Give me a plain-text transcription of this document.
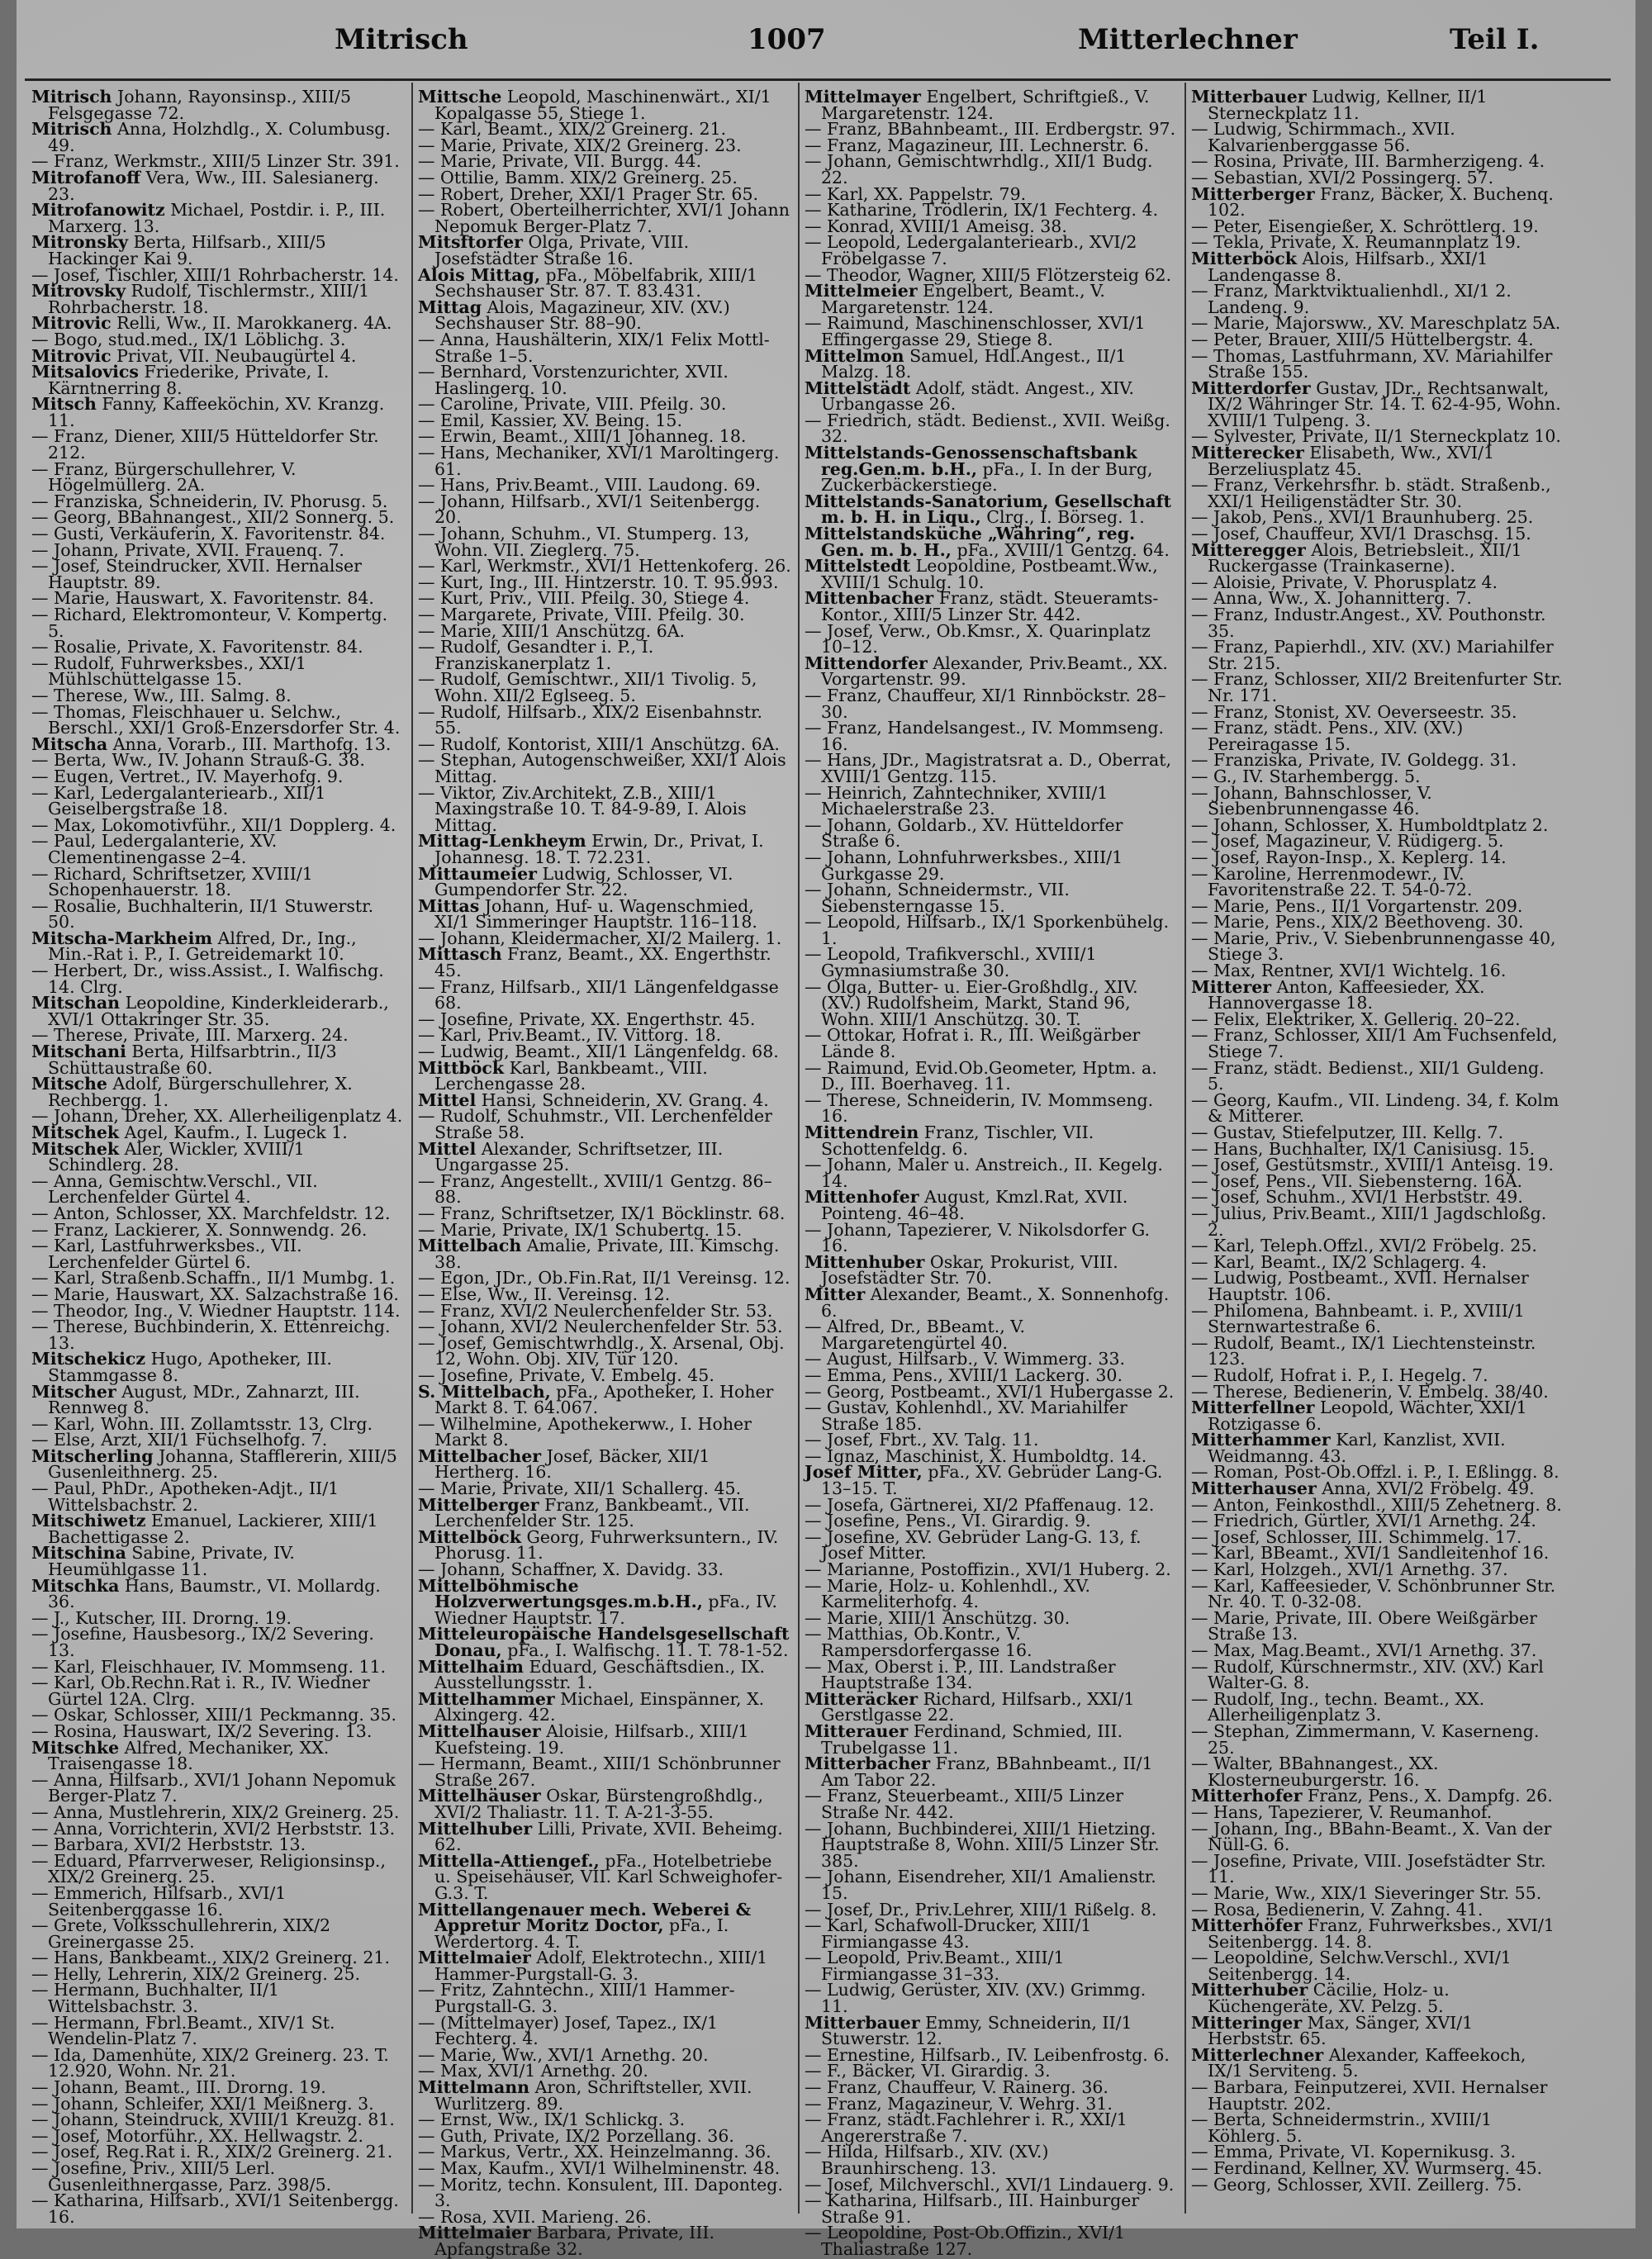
Mitrisch	1007	Mitterlechner	Teil I.
Mitrisch Johann, Rayonsinsp., XIII/5 Felsgegasse 72.
Mitrisch Anna, Holzhdlg., X. Columbusg. 49.
— Franz, Werkmstr., XIII/5 Linzer Str. 391.
Mitrofanoff Vera, Ww., III. Salesianerg. 23.
Mitrofanowitz Michael, Postdir. i. P., III. Marxerg. 13.
Mitronsky Berta, Hilfsarb., XIII/5 Hackinger Kai 9.
— Josef, Tischler, XIII/1 Rohrbacherstr. 14.
Mitrovsky Rudolf, Tischlermstr., XIII/1 Rohrbacherstr. 18.
Mitrovic Relli, Ww., II. Marokkanerg. 4A.
— Bogo, stud.med., IX/1 Löblichg. 3.
Mitrovic Privat, VII. Neubaugürtel 4.
Mitsalovics Friederike, Private, I. Kärntnerring 8.
Mitsch Fanny, Kaffeeköchin, XV. Kranzg. 11.
— Franz, Diener, XIII/5 Hütteldorfer Str. 212.
— Franz, Bürgerschullehrer, V. Högelmüllerg. 2A.
— Franziska, Schneiderin, IV. Phorusg. 5.
— Georg, BBahnangest., XII/2 Sonnerg. 5.
— Gusti, Verkäuferin, X. Favoritenstr. 84.
— Johann, Private, XVII. Frauenq. 7.
— Josef, Steindrucker, XVII. Hernalser Hauptstr. 89.
— Marie, Hauswart, X. Favoritenstr. 84.
— Richard, Elektromonteur, V. Kompertg. 5.
— Rosalie, Private, X. Favoritenstr. 84.
— Rudolf, Fuhrwerksbes., XXI/1 Mühlschüttelgasse 15.
— Therese, Ww., III. Salmg. 8.
— Thomas, Fleischhauer u. Selchw., Berschl., XXI/1 Groß-Enzersdorfer Str. 4.
Mitscha Anna, Vorarb., III. Marthofg. 13.
— Berta, Ww., IV. Johann Strauß-G. 38.
— Eugen, Vertret., IV. Mayerhofg. 9.
— Karl, Ledergalanteriearb., XII/1 Geiselbergstraße 18.
— Max, Lokomotivführ., XII/1 Dopplerg. 4.
— Paul, Ledergalanterie, XV. Clementinengasse 2–4.
— Richard, Schriftsetzer, XVIII/1 Schopenhauerstr. 18.
— Rosalie, Buchhalterin, II/1 Stuwerstr. 50.
Mitscha-Markheim Alfred, Dr., Ing., Min.-Rat i. P., I. Getreidemarkt 10.
— Herbert, Dr., wiss.Assist., I. Walfischg. 14. Clrg.
Mitschan Leopoldine, Kinderkleiderarb., XVI/1 Ottakringer Str. 35.
— Therese, Private, III. Marxerg. 24.
Mitschani Berta, Hilfsarbtrin., II/3 Schüttaustraße 60.
Mitsche Adolf, Bürgerschullehrer, X. Rechbergg. 1.
— Johann, Dreher, XX. Allerheiligenplatz 4.
Mitschek Agel, Kaufm., I. Lugeck 1.
Mitschek Aler, Wickler, XVIII/1 Schindlerg. 28.
— Anna, Gemischtw.Verschl., VII. Lerchenfelder Gürtel 4.
— Anton, Schlosser, XX. Marchfeldstr. 12.
— Franz, Lackierer, X. Sonnwendg. 26.
— Karl, Lastfuhrwerksbes., VII. Lerchenfelder Gürtel 6.
— Karl, Straßenb.Schaffn., II/1 Mumbg. 1.
— Marie, Hauswart, XX. Salzachstraße 16.
— Theodor, Ing., V. Wiedner Hauptstr. 114.
— Therese, Buchbinderin, X. Ettenreichg. 13.
Mitschekicz Hugo, Apotheker, III. Stammgasse 8.
Mitscher August, MDr., Zahnarzt, III. Rennweg 8.
— Karl, Wohn. III. Zollamtsstr. 13, Clrg.
— Else, Arzt, XII/1 Füchselhofg. 7.
Mitscherling Johanna, Stafflererin, XIII/5 Gusenleithnerg. 25.
— Paul, PhDr., Apotheken-Adjt., II/1 Wittelsbachstr. 2.
Mitschiwetz Emanuel, Lackierer, XIII/1 Bachettigasse 2.
Mitschina Sabine, Private, IV. Heumühlgasse 11.
Mitschka Hans, Baumstr., VI. Mollardg. 36.
— J., Kutscher, III. Drorng. 19.
— Josefine, Hausbesorg., IX/2 Severing. 13.
— Karl, Fleischhauer, IV. Mommseng. 11.
— Karl, Ob.Rechn.Rat i. R., IV. Wiedner Gürtel 12A. Clrg.
— Oskar, Schlosser, XIII/1 Peckmanng. 35.
— Rosina, Hauswart, IX/2 Severing. 13.
Mitschke Alfred, Mechaniker, XX. Traisengasse 18.
— Anna, Hilfsarb., XVI/1 Johann Nepomuk Berger-Platz 7.
— Anna, Mustlehrerin, XIX/2 Greinerg. 25.
— Anna, Vorrichterin, XVI/2 Herbststr. 13.
— Barbara, XVI/2 Herbststr. 13.
— Eduard, Pfarrverweser, Religionsinsp., XIX/2 Greinerg. 25.
— Emmerich, Hilfsarb., XVI/1 Seitenberggasse 16.
— Grete, Volksschullehrerin, XIX/2 Greinergasse 25.
— Hans, Bankbeamt., XIX/2 Greinerg. 21.
— Helly, Lehrerin, XIX/2 Greinerg. 25.
— Hermann, Buchhalter, II/1 Wittelsbachstr. 3.
— Hermann, Fbrl.Beamt., XIV/1 St. Wendelin-Platz 7.
— Ida, Damenhüte, XIX/2 Greinerg. 23. T. 12.920, Wohn. Nr. 21.
— Johann, Beamt., III. Drorng. 19.
— Johann, Schleifer, XXI/1 Meißnerg. 3.
— Johann, Steindruck, XVIII/1 Kreuzg. 81.
— Josef, Motorführ., XX. Hellwagstr. 2.
— Josef, Reg.Rat i. R., XIX/2 Greinerg. 21.
— Josefine, Priv., XIII/5 Lerl. Gusenleithnergasse, Parz. 398/5.
— Katharina, Hilfsarb., XVI/1 Seitenbergg. 16.
Mittsche Leopold, Maschinenwärt., XI/1 Kopalgasse 55, Stiege 1.
— Karl, Beamt., XIX/2 Greinerg. 21.
— Marie, Private, XIX/2 Greinerg. 23.
— Marie, Private, VII. Burgg. 44.
— Ottilie, Bamm. XIX/2 Greinerg. 25.
— Robert, Dreher, XXI/1 Prager Str. 65.
— Robert, Oberteilherrichter, XVI/1 Johann Nepomuk Berger-Platz 7.
Mitsftorfer Olga, Private, VIII. Josefstädter Straße 16.
Alois Mittag, pFa., Möbelfabrik, XIII/1 Sechshauser Str. 87. T. 83.431.
Mittag Alois, Magazineur, XIV. (XV.) Sechshauser Str. 88–90.
— Anna, Haushälterin, XIX/1 Felix Mottl-Straße 1–5.
— Bernhard, Vorstenzurichter, XVII. Haslingerg. 10.
— Caroline, Private, VIII. Pfeilg. 30.
— Emil, Kassier, XV. Being. 15.
— Erwin, Beamt., XIII/1 Johanneg. 18.
— Hans, Mechaniker, XVI/1 Maroltingerg. 61.
— Hans, Priv.Beamt., VIII. Laudong. 69.
— Johann, Hilfsarb., XVI/1 Seitenbergg. 20.
— Johann, Schuhm., VI. Stumperg. 13, Wohn. VII. Zieglerg. 75.
— Karl, Werkmstr., XVI/1 Hettenkoferg. 26.
— Kurt, Ing., III. Hintzerstr. 10. T. 95.993.
— Kurt, Priv., VIII. Pfeilg. 30, Stiege 4.
— Margarete, Private, VIII. Pfeilg. 30.
— Marie, XIII/1 Anschützg. 6A.
— Rudolf, Gesandter i. P., I. Franziskanerplatz 1.
— Rudolf, Gemischtwr., XII/1 Tivolig. 5, Wohn. XII/2 Eglseeg. 5.
— Rudolf, Hilfsarb., XIX/2 Eisenbahnstr. 55.
— Rudolf, Kontorist, XIII/1 Anschützg. 6A.
— Stephan, Autogenschweißer, XXI/1 Alois Mittag.
— Viktor, Ziv.Architekt, Z.B., XIII/1 Maxingstraße 10. T. 84-9-89, I. Alois Mittag.
Mittag-Lenkheym Erwin, Dr., Privat, I. Johannesg. 18. T. 72.231.
Mittaumeier Ludwig, Schlosser, VI. Gumpendorfer Str. 22.
Mittas Johann, Huf- u. Wagenschmied, XI/1 Simmeringer Hauptstr. 116–118.
— Johann, Kleidermacher, XI/2 Mailerg. 1.
Mittasch Franz, Beamt., XX. Engerthstr. 45.
— Franz, Hilfsarb., XII/1 Längenfeldgasse 68.
— Josefine, Private, XX. Engerthstr. 45.
— Karl, Priv.Beamt., IV. Vittorg. 18.
— Ludwig, Beamt., XII/1 Längenfeldg. 68.
Mittböck Karl, Bankbeamt., VIII. Lerchengasse 28.
Mittel Hansi, Schneiderin, XV. Grang. 4.
— Rudolf, Schuhmstr., VII. Lerchenfelder Straße 58.
Mittel Alexander, Schriftsetzer, III. Ungargasse 25.
— Franz, Angestellt., XVIII/1 Gentzg. 86–88.
— Franz, Schriftsetzer, IX/1 Böcklinstr. 68.
— Marie, Private, IX/1 Schubertg. 15.
Mittelbach Amalie, Private, III. Kimschg. 38.
— Egon, JDr., Ob.Fin.Rat, II/1 Vereinsg. 12.
— Else, Ww., II. Vereinsg. 12.
— Franz, XVI/2 Neulerchenfelder Str. 53.
— Johann, XVI/2 Neulerchenfelder Str. 53.
— Josef, Gemischtwrhdlg., X. Arsenal, Obj. 12, Wohn. Obj. XIV, Tür 120.
— Josefine, Private, V. Embelg. 45.
S. Mittelbach, pFa., Apotheker, I. Hoher Markt 8. T. 64.067.
— Wilhelmine, Apothekerww., I. Hoher Markt 8.
Mittelbacher Josef, Bäcker, XII/1 Hertherg. 16.
— Marie, Private, XII/1 Schallerg. 45.
Mittelberger Franz, Bankbeamt., VII. Lerchenfelder Str. 125.
Mittelböck Georg, Fuhrwerksuntern., IV. Phorusg. 11.
— Johann, Schaffner, X. Davidg. 33.
Mittelböhmische Holzverwertungsges.m.b.H., pFa., IV. Wiedner Hauptstr. 17.
Mitteleuropäische Handelsgesellschaft Donau, pFa., I. Walfischg. 11. T. 78-1-52.
Mittelhaim Eduard, Geschäftsdien., IX. Ausstellungsstr. 1.
Mittelhammer Michael, Einspänner, X. Alxingerg. 42.
Mittelhauser Aloisie, Hilfsarb., XIII/1 Kuefsteing. 19.
— Hermann, Beamt., XIII/1 Schönbrunner Straße 267.
Mittelhäuser Oskar, Bürstengroßhdlg., XVI/2 Thaliastr. 11. T. A-21-3-55.
Mittelhuber Lilli, Private, XVII. Beheimg. 62.
Mittella-Attiengef., pFa., Hotelbetriebe u. Speisehäuser, VII. Karl Schweighofer-G.3. T.
Mittellangenauer mech. Weberei & Appretur Moritz Doctor, pFa., I. Werdertorg. 4. T.
Mittelmaier Adolf, Elektrotechn., XIII/1 Hammer-Purgstall-G. 3.
— Fritz, Zahntechn., XIII/1 Hammer-Purgstall-G. 3.
— (Mittelmayer) Josef, Tapez., IX/1 Fechterg. 4.
— Marie, Ww., XVI/1 Arnethg. 20.
— Max, XVI/1 Arnethg. 20.
Mittelmann Aron, Schriftsteller, XVII. Wurlitzerg. 89.
— Ernst, Ww., IX/1 Schlickg. 3.
— Guth, Private, IX/2 Porzellang. 36.
— Markus, Vertr., XX. Heinzelmanng. 36.
— Max, Kaufm., XVI/1 Wilhelminenstr. 48.
— Moritz, techn. Konsulent, III. Daponteg. 3.
— Rosa, XVII. Marieng. 26.
Mittelmaier Barbara, Private, III. Apfangstraße 32.
Mittelmayer Engelbert, Schriftgieß., V. Margaretenstr. 124.
— Franz, BBahnbeamt., III. Erdbergstr. 97.
— Franz, Magazineur, III. Lechnerstr. 6.
— Johann, Gemischtwrhdlg., XII/1 Budg. 22.
— Karl, XX. Pappelstr. 79.
— Katharine, Trödlerin, IX/1 Fechterg. 4.
— Konrad, XVIII/1 Ameisg. 38.
— Leopold, Ledergalanteriearb., XVI/2 Fröbelgasse 7.
— Theodor, Wagner, XIII/5 Flötzersteig 62.
Mittelmeier Engelbert, Beamt., V. Margaretenstr. 124.
— Raimund, Maschinenschlosser, XVI/1 Effingergasse 29, Stiege 8.
Mittelmon Samuel, Hdl.Angest., II/1 Malzg. 18.
Mittelstädt Adolf, städt. Angest., XIV. Urbangasse 26.
— Friedrich, städt. Bedienst., XVII. Weißg. 32.
Mittelstands-Genossenschaftsbank reg.Gen.m. b.H., pFa., I. In der Burg, Zuckerbäckerstiege.
Mittelstands-Sanatorium, Gesellschaft m. b. H. in Liqu., Clrg., I. Börseg. 1.
Mittelstandsküche „Währing“, reg. Gen. m. b. H., pFa., XVIII/1 Gentzg. 64.
Mittelstedt Leopoldine, Postbeamt.Ww., XVIII/1 Schulg. 10.
Mittenbacher Franz, städt. Steueramts-Kontor., XIII/5 Linzer Str. 442.
— Josef, Verw., Ob.Kmsr., X. Quarinplatz 10–12.
Mittendorfer Alexander, Priv.Beamt., XX. Vorgartenstr. 99.
— Franz, Chauffeur, XI/1 Rinnböckstr. 28–30.
— Franz, Handelsangest., IV. Mommseng. 16.
— Hans, JDr., Magistratsrat a. D., Oberrat, XVIII/1 Gentzg. 115.
— Heinrich, Zahntechniker, XVIII/1 Michaelerstraße 23.
— Johann, Goldarb., XV. Hütteldorfer Straße 6.
— Johann, Lohnfuhrwerksbes., XIII/1 Gurkgasse 29.
— Johann, Schneidermstr., VII. Siebensterngasse 15.
— Leopold, Hilfsarb., IX/1 Sporkenbühelg. 1.
— Leopold, Trafikverschl., XVIII/1 Gymnasiumstraße 30.
— Olga, Butter- u. Eier-Großhdlg., XIV. (XV.) Rudolfsheim, Markt, Stand 96, Wohn. XIII/1 Anschützg. 30. T.
— Ottokar, Hofrat i. R., III. Weißgärber Lände 8.
— Raimund, Evid.Ob.Geometer, Hptm. a. D., III. Boerhaveg. 11.
— Therese, Schneiderin, IV. Mommseng. 16.
Mittendrein Franz, Tischler, VII. Schottenfeldg. 6.
— Johann, Maler u. Anstreich., II. Kegelg. 14.
Mittenhofer August, Kmzl.Rat, XVII. Pointeng. 46–48.
— Johann, Tapezierer, V. Nikolsdorfer G. 16.
Mittenhuber Oskar, Prokurist, VIII. Josefstädter Str. 70.
Mitter Alexander, Beamt., X. Sonnenhofg. 6.
— Alfred, Dr., BBeamt., V. Margaretengürtel 40.
— August, Hilfsarb., V. Wimmerg. 33.
— Emma, Pens., XVIII/1 Lackerg. 30.
— Georg, Postbeamt., XVI/1 Hubergasse 2.
— Gustav, Kohlenhdl., XV. Mariahilfer Straße 185.
— Josef, Fbrt., XV. Talg. 11.
— Ignaz, Maschinist, X. Humboldtg. 14.
Josef Mitter, pFa., XV. Gebrüder Lang-G. 13–15. T.
— Josefa, Gärtnerei, XI/2 Pfaffenaug. 12.
— Josefine, Pens., VI. Girardig. 9.
— Josefine, XV. Gebrüder Lang-G. 13, f. Josef Mitter.
— Marianne, Postoffizin., XVI/1 Huberg. 2.
— Marie, Holz- u. Kohlenhdl., XV. Karmeliterhofg. 4.
— Marie, XIII/1 Anschützg. 30.
— Matthias, Ob.Kontr., V. Rampersdorfergasse 16.
— Max, Oberst i. P., III. Landstraßer Hauptstraße 134.
Mitteräcker Richard, Hilfsarb., XXI/1 Gerstlgasse 22.
Mitterauer Ferdinand, Schmied, III. Trubelgasse 11.
Mitterbacher Franz, BBahnbeamt., II/1 Am Tabor 22.
— Franz, Steuerbeamt., XIII/5 Linzer Straße Nr. 442.
— Johann, Buchbinderei, XIII/1 Hietzing. Hauptstraße 8, Wohn. XIII/5 Linzer Str. 385.
— Johann, Eisendreher, XII/1 Amalienstr. 15.
— Josef, Dr., Priv.Lehrer, XIII/1 Rißelg. 8.
— Karl, Schafwoll-Drucker, XIII/1 Firmiangasse 43.
— Leopold, Priv.Beamt., XIII/1 Firmiangasse 31–33.
— Ludwig, Gerüster, XIV. (XV.) Grimmg. 11.
Mitterbauer Emmy, Schneiderin, II/1 Stuwerstr. 12.
— Ernestine, Hilfsarb., IV. Leibenfrostg. 6.
— F., Bäcker, VI. Girardig. 3.
— Franz, Chauffeur, V. Rainerg. 36.
— Franz, Magazineur, V. Wehrg. 31.
— Franz, städt.Fachlehrer i. R., XXI/1 Angererstraße 7.
— Hilda, Hilfsarb., XIV. (XV.) Braunhirscheng. 13.
— Josef, Milchverschl., XVI/1 Lindauerg. 9.
— Katharina, Hilfsarb., III. Hainburger Straße 91.
— Leopoldine, Post-Ob.Offizin., XVI/1 Thaliastraße 127.
Mitterbauer Ludwig, Kellner, II/1 Sterneckplatz 11.
— Ludwig, Schirmmach., XVII. Kalvarienberggasse 56.
— Rosina, Private, III. Barmherzigeng. 4.
— Sebastian, XVI/2 Possingerg. 57.
Mitterberger Franz, Bäcker, X. Buchenq. 102.
— Peter, Eisengießer, X. Schröttlerg. 19.
— Tekla, Private, X. Reumannplatz 19.
Mitterböck Alois, Hilfsarb., XXI/1 Landengasse 8.
— Franz, Marktviktualienhdl., XI/1 2. Landeng. 9.
— Marie, Majorsww., XV. Mareschplatz 5A.
— Peter, Brauer, XIII/5 Hüttelbergstr. 4.
— Thomas, Lastfuhrmann, XV. Mariahilfer Straße 155.
Mitterdorfer Gustav, JDr., Rechtsanwalt, IX/2 Währinger Str. 14. T. 62-4-95, Wohn. XVIII/1 Tulpeng. 3.
— Sylvester, Private, II/1 Sterneckplatz 10.
Mitterecker Elisabeth, Ww., XVI/1 Berzeliusplatz 45.
— Franz, Verkehrsfhr. b. städt. Straßenb., XXI/1 Heiligenstädter Str. 30.
— Jakob, Pens., XVI/1 Braunhuberg. 25.
— Josef, Chauffeur, XVI/1 Draschsg. 15.
Mitteregger Alois, Betriebsleit., XII/1 Ruckergasse (Trainkaserne).
— Aloisie, Private, V. Phorusplatz 4.
— Anna, Ww., X. Johannitterg. 7.
— Franz, Industr.Angest., XV. Pouthonstr. 35.
— Franz, Papierhdl., XIV. (XV.) Mariahilfer Str. 215.
— Franz, Schlosser, XII/2 Breitenfurter Str. Nr. 171.
— Franz, Stonist, XV. Oeverseestr. 35.
— Franz, städt. Pens., XIV. (XV.) Pereiragasse 15.
— Franziska, Private, IV. Goldegg. 31.
— G., IV. Starhembergg. 5.
— Johann, Bahnschlosser, V. Siebenbrunnengasse 46.
— Johann, Schlosser, X. Humboldtplatz 2.
— Josef, Magazineur, V. Rüdigerg. 5.
— Josef, Rayon-Insp., X. Keplerg. 14.
— Karoline, Herrenmodewr., IV. Favoritenstraße 22. T. 54-0-72.
— Marie, Pens., II/1 Vorgartenstr. 209.
— Marie, Pens., XIX/2 Beethoveng. 30.
— Marie, Priv., V. Siebenbrunnengasse 40, Stiege 3.
— Max, Rentner, XVI/1 Wichtelg. 16.
Mitterer Anton, Kaffeesieder, XX. Hannovergasse 18.
— Felix, Elektriker, X. Gellerig. 20–22.
— Franz, Schlosser, XII/1 Am Fuchsenfeld, Stiege 7.
— Franz, städt. Bedienst., XII/1 Guldeng. 5.
— Georg, Kaufm., VII. Lindeng. 34, f. Kolm & Mitterer.
— Gustav, Stiefelputzer, III. Kellg. 7.
— Hans, Buchhalter, IX/1 Canisiusg. 15.
— Josef, Gestütsmstr., XVIII/1 Anteisg. 19.
— Josef, Pens., VII. Siebensterng. 16A.
— Josef, Schuhm., XVI/1 Herbststr. 49.
— Julius, Priv.Beamt., XIII/1 Jagdschloßg. 2.
— Karl, Teleph.Offzl., XVI/2 Fröbelg. 25.
— Karl, Beamt., IX/2 Schlagerg. 4.
— Ludwig, Postbeamt., XVII. Hernalser Hauptstr. 106.
— Philomena, Bahnbeamt. i. P., XVIII/1 Sternwartestraße 6.
— Rudolf, Beamt., IX/1 Liechtensteinstr. 123.
— Rudolf, Hofrat i. P., I. Hegelg. 7.
— Therese, Bedienerin, V. Embelg. 38/40.
Mitterfellner Leopold, Wächter, XXI/1 Rotzigasse 6.
Mitterhammer Karl, Kanzlist, XVII. Weidmanng. 43.
— Roman, Post-Ob.Offzl. i. P., I. Eßlingg. 8.
Mitterhauser Anna, XVI/2 Fröbelg. 49.
— Anton, Feinkosthdl., XIII/5 Zehetnerg. 8.
— Friedrich, Gürtler, XVI/1 Arnethg. 24.
— Josef, Schlosser, III. Schimmelg. 17.
— Karl, BBeamt., XVI/1 Sandleitenhof 16.
— Karl, Holzgeh., XVI/1 Arnethg. 37.
— Karl, Kaffeesieder, V. Schönbrunner Str. Nr. 40. T. 0-32-08.
— Marie, Private, III. Obere Weißgärber Straße 13.
— Max, Mag.Beamt., XVI/1 Arnethg. 37.
— Rudolf, Kürschnermstr., XIV. (XV.) Karl Walter-G. 8.
— Rudolf, Ing., techn. Beamt., XX. Allerheiligenplatz 3.
— Stephan, Zimmermann, V. Kaserneng. 25.
— Walter, BBahnangest., XX. Klosterneuburgerstr. 16.
Mitterhofer Franz, Pens., X. Dampfg. 26.
— Hans, Tapezierer, V. Reumanhof.
— Johann, Ing., BBahn-Beamt., X. Van der Nüll-G. 6.
— Josefine, Private, VIII. Josefstädter Str. 11.
— Marie, Ww., XIX/1 Sieveringer Str. 55.
— Rosa, Bedienerin, V. Zahng. 41.
Mitterhöfer Franz, Fuhrwerksbes., XVI/1 Seitenbergg. 14. 8.
— Leopoldine, Selchw.Verschl., XVI/1 Seitenbergg. 14.
Mitterhuber Cäcilie, Holz- u. Küchengeräte, XV. Pelzg. 5.
Mitteringer Max, Sänger, XVI/1 Herbststr. 65.
Mitterlechner Alexander, Kaffeekoch, IX/1 Serviteng. 5.
— Barbara, Feinputzerei, XVII. Hernalser Hauptstr. 202.
— Berta, Schneidermstrin., XVIII/1 Köhlerg. 5.
— Emma, Private, VI. Kopernikusg. 3.
— Ferdinand, Kellner, XV. Wurmserg. 45.
— Georg, Schlosser, XVII. Zeillerg. 75.
